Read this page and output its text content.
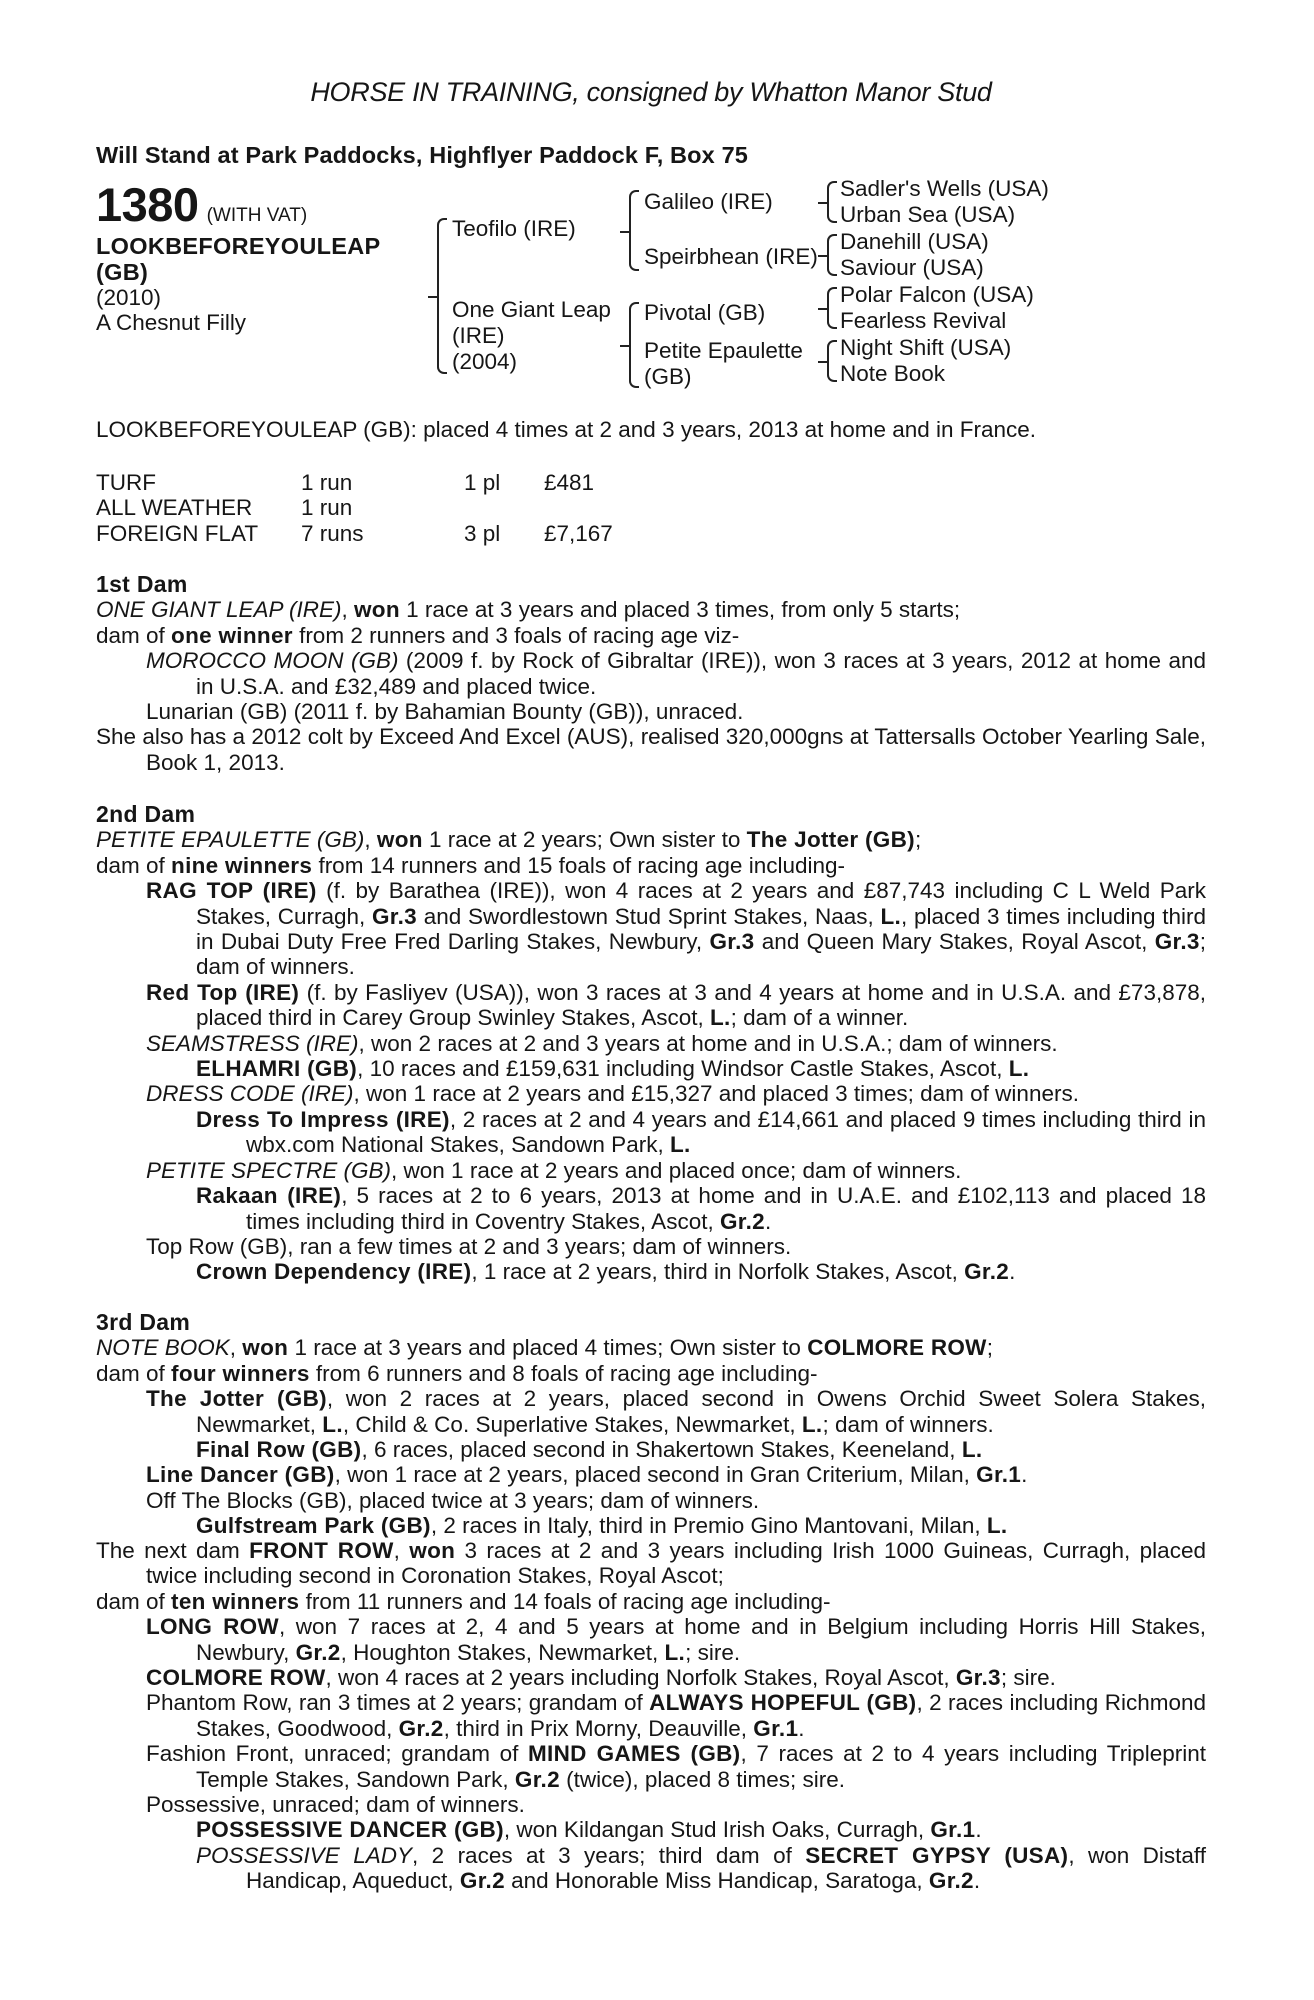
HORSE IN TRAINING, consigned by Whatton Manor Stud
Will Stand at Park Paddocks, Highflyer Paddock F, Box 75
1380 (WITH VAT)
LOOKBEFOREYOULEAP
(GB)
(2010)
A Chesnut Filly
Teofilo (IRE)
One Giant Leap
(IRE)
(2004)
Galileo (IRE)
Speirbhean (IRE)
Pivotal (GB)
Petite Epaulette
(GB)
Sadler's Wells (USA)
Urban Sea (USA)
Danehill (USA)
Saviour (USA)
Polar Falcon (USA)
Fearless Revival
Night Shift (USA)
Note Book
LOOKBEFOREYOULEAP (GB): placed 4 times at 2 and 3 years, 2013 at home and in France.
TURF	1 run	1 pl	£481
ALL WEATHER	1 run		
FOREIGN FLAT	7 runs	3 pl	£7,167
1st Dam
ONE GIANT LEAP (IRE), won 1 race at 3 years and placed 3 times, from only 5 starts;
dam of one winner from 2 runners and 3 foals of racing age viz-
MOROCCO MOON (GB) (2009 f. by Rock of Gibraltar (IRE)), won 3 races at 3 years, 2012 at home and in U.S.A. and £32,489 and placed twice.
Lunarian (GB) (2011 f. by Bahamian Bounty (GB)), unraced.
She also has a 2012 colt by Exceed And Excel (AUS), realised 320,000gns at Tattersalls October Yearling Sale, Book 1, 2013.
2nd Dam
PETITE EPAULETTE (GB), won 1 race at 2 years; Own sister to The Jotter (GB);
dam of nine winners from 14 runners and 15 foals of racing age including-
RAG TOP (IRE) (f. by Barathea (IRE)), won 4 races at 2 years and £87,743 including C L Weld Park Stakes, Curragh, Gr.3 and Swordlestown Stud Sprint Stakes, Naas, L., placed 3 times including third in Dubai Duty Free Fred Darling Stakes, Newbury, Gr.3 and Queen Mary Stakes, Royal Ascot, Gr.3; dam of winners.
Red Top (IRE) (f. by Fasliyev (USA)), won 3 races at 3 and 4 years at home and in U.S.A. and £73,878, placed third in Carey Group Swinley Stakes, Ascot, L.; dam of a winner.
SEAMSTRESS (IRE), won 2 races at 2 and 3 years at home and in U.S.A.; dam of winners.
ELHAMRI (GB), 10 races and £159,631 including Windsor Castle Stakes, Ascot, L.
DRESS CODE (IRE), won 1 race at 2 years and £15,327 and placed 3 times; dam of winners.
Dress To Impress (IRE), 2 races at 2 and 4 years and £14,661 and placed 9 times including third in wbx.com National Stakes, Sandown Park, L.
PETITE SPECTRE (GB), won 1 race at 2 years and placed once; dam of winners.
Rakaan (IRE), 5 races at 2 to 6 years, 2013 at home and in U.A.E. and £102,113 and placed 18 times including third in Coventry Stakes, Ascot, Gr.2.
Top Row (GB), ran a few times at 2 and 3 years; dam of winners.
Crown Dependency (IRE), 1 race at 2 years, third in Norfolk Stakes, Ascot, Gr.2.
3rd Dam
NOTE BOOK, won 1 race at 3 years and placed 4 times; Own sister to COLMORE ROW;
dam of four winners from 6 runners and 8 foals of racing age including-
The Jotter (GB), won 2 races at 2 years, placed second in Owens Orchid Sweet Solera Stakes, Newmarket, L., Child & Co. Superlative Stakes, Newmarket, L.; dam of winners.
Final Row (GB), 6 races, placed second in Shakertown Stakes, Keeneland, L.
Line Dancer (GB), won 1 race at 2 years, placed second in Gran Criterium, Milan, Gr.1.
Off The Blocks (GB), placed twice at 3 years; dam of winners.
Gulfstream Park (GB), 2 races in Italy, third in Premio Gino Mantovani, Milan, L.
The next dam FRONT ROW, won 3 races at 2 and 3 years including Irish 1000 Guineas, Curragh, placed twice including second in Coronation Stakes, Royal Ascot;
dam of ten winners from 11 runners and 14 foals of racing age including-
LONG ROW, won 7 races at 2, 4 and 5 years at home and in Belgium including Horris Hill Stakes, Newbury, Gr.2, Houghton Stakes, Newmarket, L.; sire.
COLMORE ROW, won 4 races at 2 years including Norfolk Stakes, Royal Ascot, Gr.3; sire.
Phantom Row, ran 3 times at 2 years; grandam of ALWAYS HOPEFUL (GB), 2 races including Richmond Stakes, Goodwood, Gr.2, third in Prix Morny, Deauville, Gr.1.
Fashion Front, unraced; grandam of MIND GAMES (GB), 7 races at 2 to 4 years including Tripleprint Temple Stakes, Sandown Park, Gr.2 (twice), placed 8 times; sire.
Possessive, unraced; dam of winners.
POSSESSIVE DANCER (GB), won Kildangan Stud Irish Oaks, Curragh, Gr.1.
POSSESSIVE LADY, 2 races at 3 years; third dam of SECRET GYPSY (USA), won Distaff Handicap, Aqueduct, Gr.2 and Honorable Miss Handicap, Saratoga, Gr.2.
